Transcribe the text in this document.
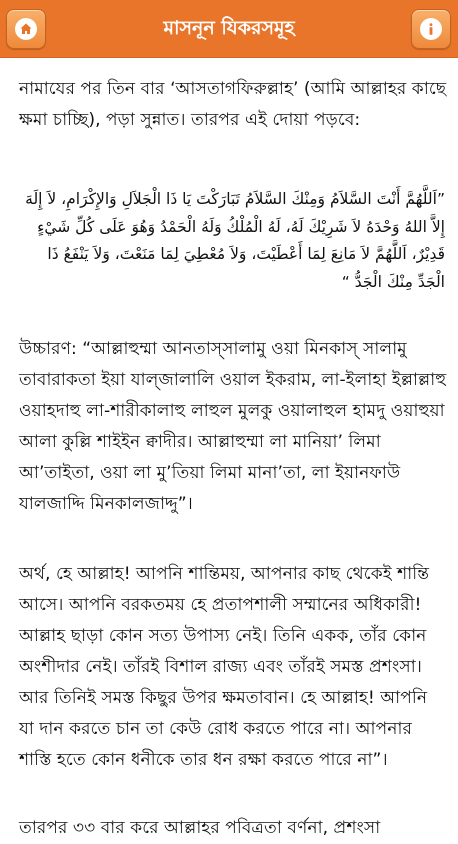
মাসনূন যিকরসমূহ

নামাযের পর তিন বার ‘আসতাগফিরুল্লাহ’ (আমি আল্লাহর কাছে ক্ষমা চাচ্ছি), পড়া সুন্নাত। তারপর এই দোয়া পড়বে:

”اَللَّهُمَّ أَنْتَ السَّلاَمُ وَمِنْكَ السَّلاَمُ تَبَارَكْتَ يَا ذَا الْجَلاَلِ وَالإِكْرَامِ، لاَ إِلَهَ إِلاَّ اللهُ وَحْدَهُ لاَ شَرِيْكَ لَهُ، لَهُ الْمُلْكُ وَلَهُ الْحَمْدُ وَهُوَ عَلَى كُلِّ شَيْءٍ قَدِيْرٌ، اَللَّهُمَّ لاَ مَانِعَ لِمَا أَعْطَيْتَ، وَلاَ مُعْطِيَ لِمَا مَنَعْتَ، وَلاَ يَنْفَعُ ذَا الْجَدِّ مِنْكَ الْجَدُّ “

উচ্চারণ: “আল্লাহুম্মা আনতাস্সালামু ওয়া মিনকাস্ সালামু তাবারাকতা ইয়া যাল্জালালি ওয়াল ইকরাম, লা-ইলাহা ইল্লাল্লাহু ওয়াহদাহু লা-শারীকালাহু লাহুল মুলকু ওয়ালাহুল হামদু ওয়াহুয়া আলা কুল্লি শাইইন ক্বাদীর। আল্লাহুম্মা লা মানিয়া’ লিমা আ’তাইতা, ওয়া লা মু’তিয়া লিমা মানা’তা, লা ইয়ানফাউ যালজাদ্দি মিনকালজাদ্দু”।

অর্থ, হে আল্লাহ! আপনি শান্তিময়, আপনার কাছ থেকেই শান্তি আসে। আপনি বরকতময় হে প্রতাপশালী সম্মানের অধিকারী! আল্লাহ ছাড়া কোন সত্য উপাস্য নেই। তিনি একক, তাঁর কোন অংশীদার নেই। তাঁরই বিশাল রাজ্য এবং তাঁরই সমস্ত প্রশংসা। আর তিনিই সমস্ত কিছুর উপর ক্ষমতাবান। হে আল্লাহ! আপনি যা দান করতে চান তা কেউ রোধ করতে পারে না। আপনার শাস্তি হতে কোন ধনীকে তার ধন রক্ষা করতে পারে না”।

তারপর ৩৩ বার করে আল্লাহর পবিত্রতা বর্ণনা, প্রশংসা
